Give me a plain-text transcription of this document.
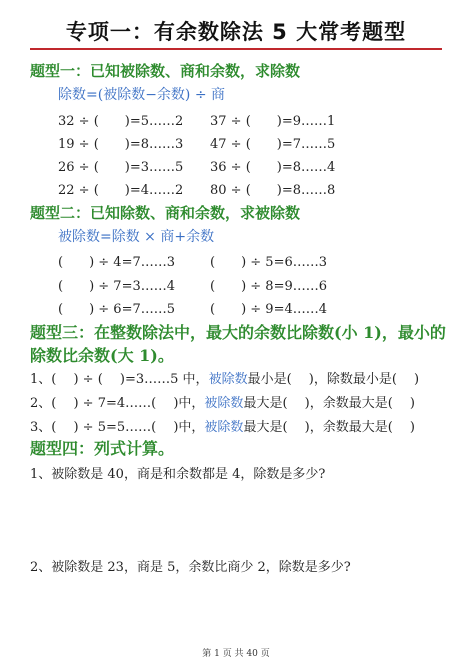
专项一：有余数除法 5 大常考题型
题型一：已知被除数、商和余数，求除数
除数=(被除数−余数) ÷ 商
32 ÷ (　　)=5……2 37 ÷ (　　)=9……1
19 ÷ (　　)=8……3 47 ÷ (　　)=7……5
26 ÷ (　　)=3……5 36 ÷ (　　)=8……4
22 ÷ (　　)=4……2 80 ÷ (　　)=8……8
题型二：已知除数、商和余数，求被除数
被除数=除数 × 商+余数
(　　) ÷ 4=7……3	(　　) ÷ 5=6……3
(　　) ÷ 7=3……4	(　　) ÷ 8=9……6
(　　) ÷ 6=7……5	(　　) ÷ 9=4……4
题型三：在整数除法中，最大的余数比除数(小 1)，最小的
除数比余数(大 1)。
1、(　 ) ÷ (　 )=3……5 中，被除数最小是(　 )，除数最小是(　 )
2、(　 ) ÷ 7=4……(　 )中，被除数最大是(　 )，余数最大是(　 )
3、(　 ) ÷ 5=5……(　 )中，被除数最大是(　 )，余数最大是(　 )
题型四：列式计算。
1、被除数是 40，商是和余数都是 4，除数是多少?
2、被除数是 23，商是 5，余数比商少 2，除数是多少?
第 1 页 共 40 页
